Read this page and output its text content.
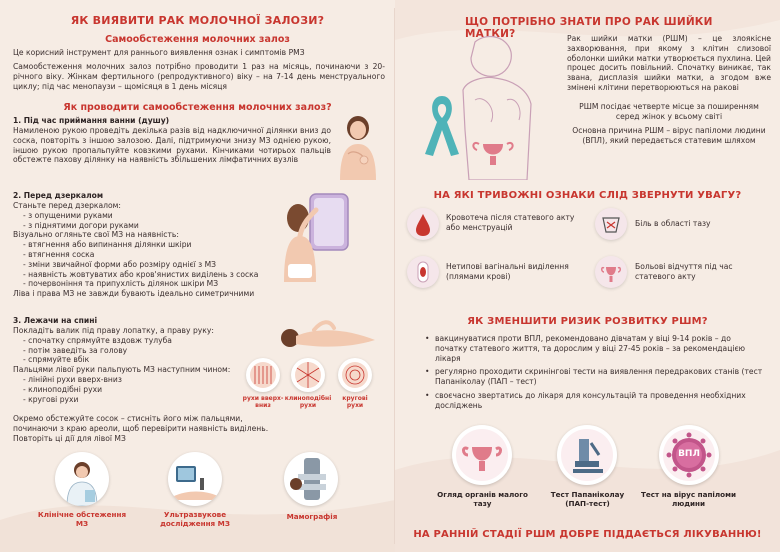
ЯК ВИЯВИТИ РАК МОЛОЧНОЇ ЗАЛОЗИ?
Самообстеження молочних залоз
Це корисний інструмент для раннього виявлення ознак і симптомів РМЗ
Самообстеження молочних залоз потрібно проводити 1 раз на місяць, починаючи з 20-річного віку. Жінкам фертильного (репродуктивного) віку – на 7-14 день менструального циклу; під час менопаузи – щомісяця в 1 день місяця
Як проводити самообстеження молочних залоз?
1. Під час приймання ванни (душу)
Намиленою рукою проведіть декілька разів від надключичної ділянки вниз до соска, повторіть з іншою залозою. Далі, підтримуючи знизу МЗ однією рукою, іншою рукою пропальпуйте ковзкими рухами. Кінчиками чотирьох пальців обстежте пахову ділянку на наявність збільшених лімфатичних вузлів
2. Перед дзеркалом
Станьте перед дзеркалом:
- з опущеними руками
- з піднятими догори руками
Візуально огляньте свої МЗ на наявність:
- втягнення або випинання ділянки шкіри
- втягнення соска
- зміни звичайної форми або розміру однієї з МЗ
- наявність жовтуватих або кров'янистих виділень з соска
- почервоніння та припухлість ділянок шкіри МЗ
Ліва і права МЗ не завжди бувають ідеально симетричними
3. Лежачи на спині
Покладіть валик під праву лопатку, а праву руку:
- спочатку спрямуйте вздовж тулуба
- потім заведіть за голову
- спрямуйте вбік
Пальцями лівої руки пальпують МЗ наступним чином:
- лінійні рухи вверх-вниз
- клиноподібні рухи
- кругові рухи
Окремо обстежуйте сосок – стисніть його між пальцями,
починаючи з краю ареоли, щоб перевірити наявність виділень.
Повторіть ці дії для лівої МЗ
рухи вверх-вниз
клиноподібні рухи
кругові рухи
Клінічне обстеження МЗ
Ультразвукове дослідження МЗ
Мамографія
ЩО ПОТРІБНО ЗНАТИ ПРО РАК ШИЙКИ МАТКИ?	Рак шийки матки (РШМ) – це злоякісне захворювання, при якому з клітин слизової оболонки шийки матки утворюється пухлина. Цей процес досить повільний. Спочатку виникає, так звана, дисплазія шийки матки, а згодом вже змінені клітини перетворюються на ракові
РШМ посідає четверте місце за поширенням серед жінок у всьому світі
Основна причина РШМ – вірус папіломи людини (ВПЛ), який передається статевим шляхом
НА ЯКІ ТРИВОЖНІ ОЗНАКИ СЛІД ЗВЕРНУТИ УВАГУ?
Кровотеча після статевого акту або менструацій	Біль в області тазу
Нетипові вагінальні виділення (плямами крові)
Больові відчуття під час статевого акту
ЯК ЗМЕНШИТИ РИЗИК РОЗВИТКУ РШМ?
• вакцинуватися проти ВПЛ, рекомендовано дівчатам у віці 9-14 років – до початку статевого життя, та дорослим у віці 27-45 років – за рекомендацією лікаря
• регулярно проходити скринінгові тести на виявлення передракових станів (тест Папаніколау (ПАП – тест)
• своєчасно звертатись до лікаря для консультацій та проведення необхідних досліджень
ВПЛ
Огляд органів малого тазу
Тест Папаніколау (ПАП-тест)
Тест на вірус папіломи людини
НА РАННІЙ СТАДІЇ РШМ ДОБРЕ ПІДДАЄТЬСЯ ЛІКУВАННЮ!
